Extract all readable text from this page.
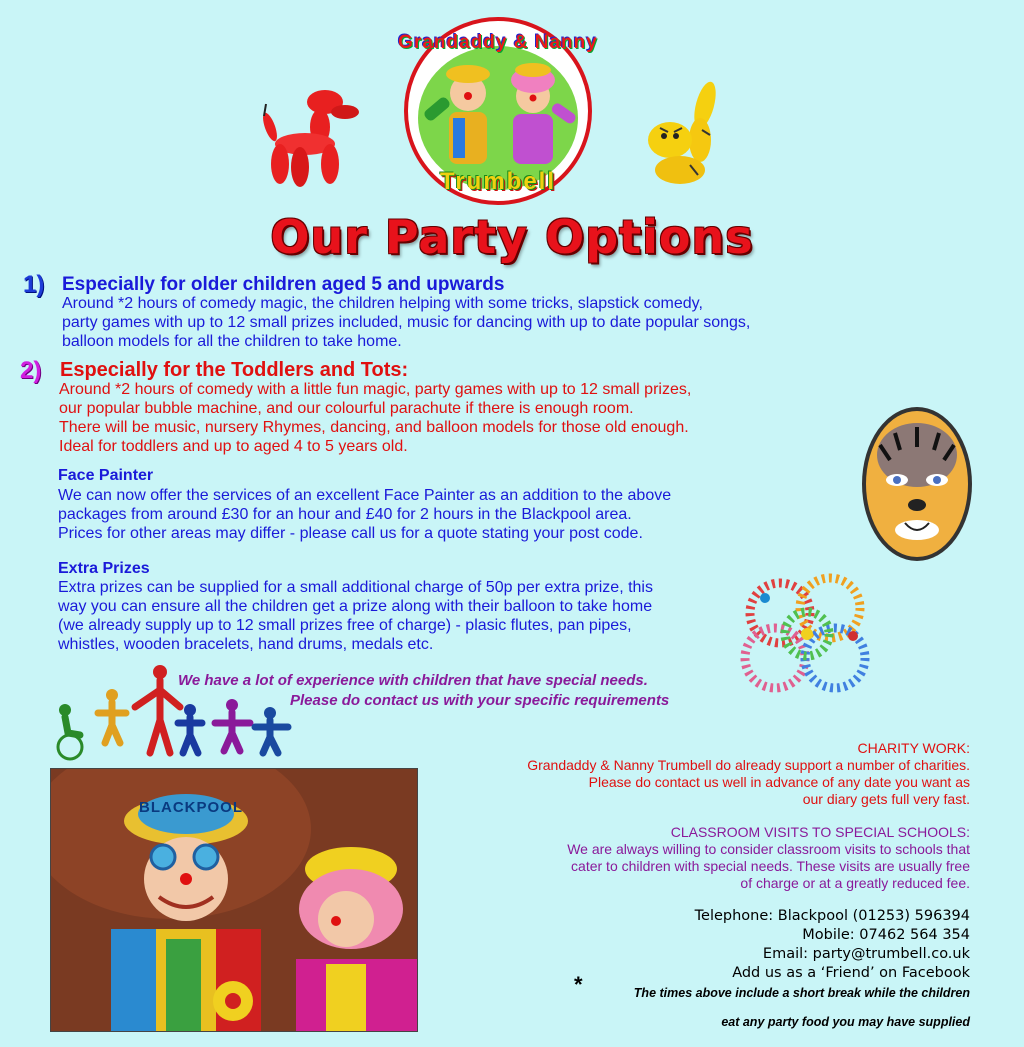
Grandaddy & Nanny
Trumbell
Our Party Options
1) Especially for older children aged 5 and upwards
Around *2 hours of comedy magic, the children helping with some tricks, slapstick comedy,
party games with up to 12 small prizes included, music for dancing with up to date popular songs,
balloon models for all the children to take home.
2) Especially for the Toddlers and Tots:
Around *2 hours of comedy with a little fun magic, party games with up to 12 small prizes,
our popular bubble machine, and our colourful parachute if there is enough room.
There will be music, nursery Rhymes, dancing, and balloon models for those old enough.
Ideal for toddlers and up to aged 4 to 5 years old.
Face Painter
We can now offer the services of an excellent Face Painter as an addition to the above
packages from around £30 for an hour and £40 for 2 hours in the Blackpool area.
Prices for other areas may differ - please call us for a quote stating your post code.
Extra Prizes
Extra prizes can be supplied for a small additional charge of 50p per extra prize, this
way you can ensure all the children get a prize along with their balloon to take home
(we already supply up to 12 small prizes free of charge) - plasic flutes, pan pipes,
whistles, wooden bracelets, hand drums, medals etc.
We have a lot of experience with children that have special needs.
Please do contact us with your specific requirements
CHARITY WORK:
Grandaddy & Nanny Trumbell do already support a number of charities.
Please do contact us well in advance of any date you want as
our diary gets full very fast.
CLASSROOM VISITS TO SPECIAL SCHOOLS:
We are always willing to consider classroom visits to schools that
cater to children with special needs. These visits are usually free
of charge or at a greatly reduced fee.
Telephone: Blackpool (01253) 596394
Mobile: 07462 564 354
Email: party@trumbell.co.uk
Add us as a ‘Friend’ on Facebook
*	The times above include a short break while the children
eat any party food you may have supplied
BLACKPOOL
